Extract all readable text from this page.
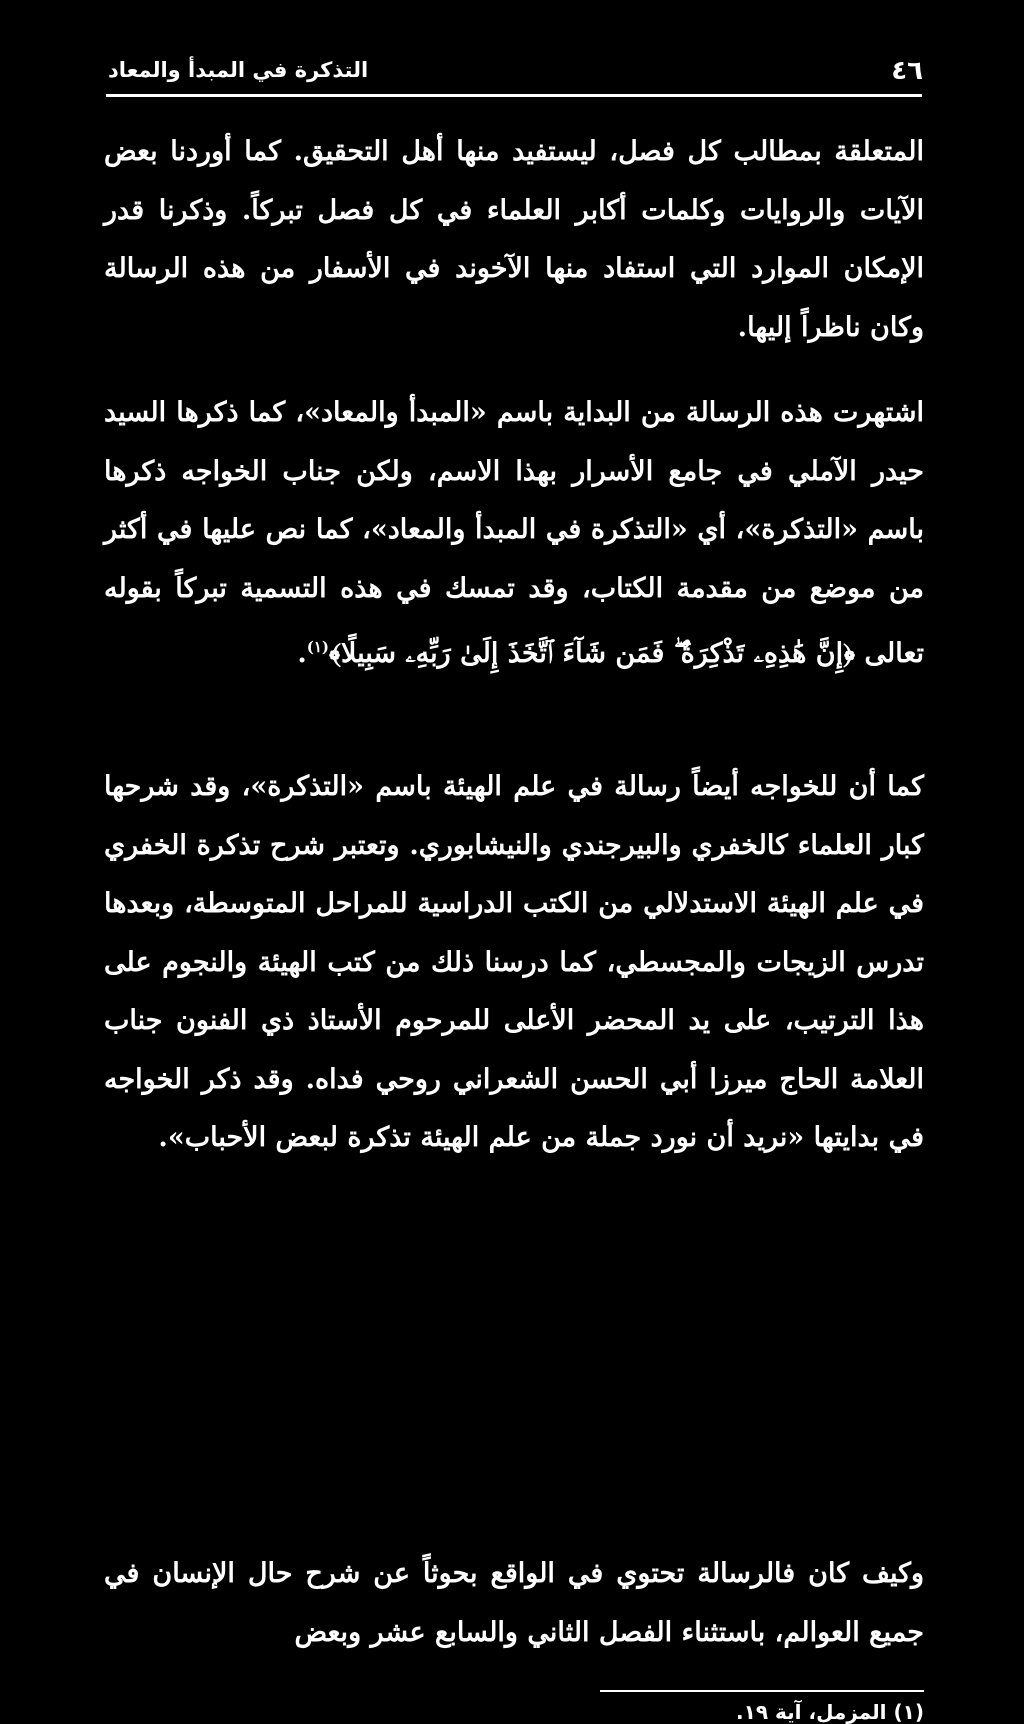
٤٦
التذكرة في المبدأ والمعاد
المتعلقة بمطالب كل فصل، ليستفيد منها أهل التحقيق. كما أوردنا بعض الآيات والروايات وكلمات أكابر العلماء في كل فصل تبركاً. وذكرنا قدر الإمكان الموارد التي استفاد منها الآخوند في الأسفار من هذه الرسالة وكان ناظراً إليها.
اشتهرت هذه الرسالة من البداية باسم «المبدأ والمعاد»، كما ذكرها السيد حيدر الآملي في جامع الأسرار بهذا الاسم، ولكن جناب الخواجه ذكرها باسم «التذكرة»، أي «التذكرة في المبدأ والمعاد»، كما نص عليها في أكثر من موضع من مقدمة الكتاب، وقد تمسك في هذه التسمية تبركاً بقوله تعالى ﴿إِنَّ هَٰذِهِۦ تَذْكِرَةٌ ۖ فَمَن شَآءَ ٱتَّخَذَ إِلَىٰ رَبِّهِۦ سَبِيلًا﴾$^{(١)}$.
كما أن للخواجه أيضاً رسالة في علم الهيئة باسم «التذكرة»، وقد شرحها كبار العلماء كالخفري والبيرجندي والنيشابوري. وتعتبر شرح تذكرة الخفري في علم الهيئة الاستدلالي من الكتب الدراسية للمراحل المتوسطة، وبعدها تدرس الزيجات والمجسطي، كما درسنا ذلك من كتب الهيئة والنجوم على هذا الترتيب، على يد المحضر الأعلى للمرحوم الأستاذ ذي الفنون جناب العلامة الحاج ميرزا أبي الحسن الشعراني روحي فداه. وقد ذكر الخواجه في بدايتها «نريد أن نورد جملة من علم الهيئة تذكرة لبعض الأحباب».
وكيف كان فالرسالة تحتوي في الواقع بحوثاً عن شرح حال الإنسان في جميع العوالم، باستثناء الفصل الثاني والسابع عشر وبعض
(١) المزمل، آية ١٩.
